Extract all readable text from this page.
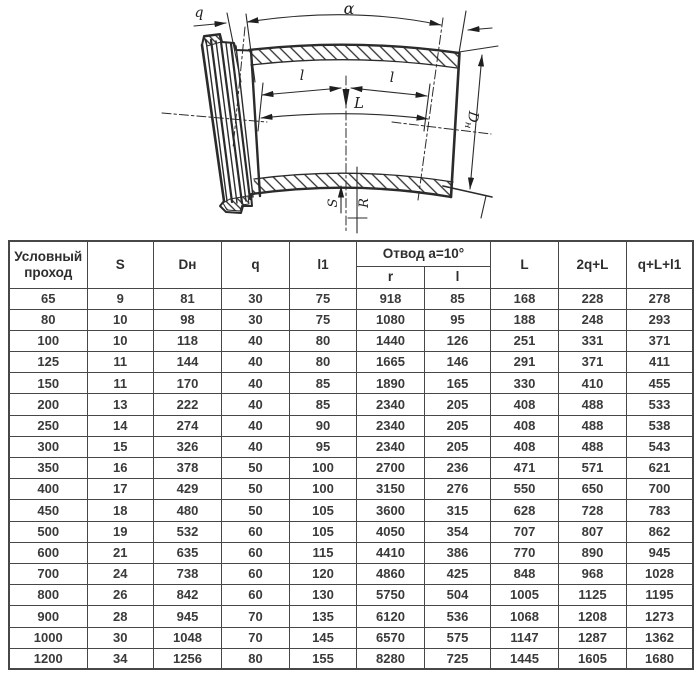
α
q
l	l
L
Dн
S R
Условный проход	S	Dн	q	l1	Отвод a=10°		L	2q+L	q+L+l1
					r	l			
65	9	81	30	75	918	85	168	228	278
80	10	98	30	75	1080	95	188	248	293
100	10	118	40	80	1440	126	251	331	371
125	11	144	40	80	1665	146	291	371	411
150	11	170	40	85	1890	165	330	410	455
200	13	222	40	85	2340	205	408	488	533
250	14	274	40	90	2340	205	408	488	538
300	15	326	40	95	2340	205	408	488	543
350	16	378	50	100	2700	236	471	571	621
400	17	429	50	100	3150	276	550	650	700
450	18	480	50	105	3600	315	628	728	783
500	19	532	60	105	4050	354	707	807	862
600	21	635	60	115	4410	386	770	890	945
700	24	738	60	120	4860	425	848	968	1028
800	26	842	60	130	5750	504	1005	1125	1195
900	28	945	70	135	6120	536	1068	1208	1273
1000	30	1048	70	145	6570	575	1147	1287	1362
1200	34	1256	80	155	8280	725	1445	1605	1680
